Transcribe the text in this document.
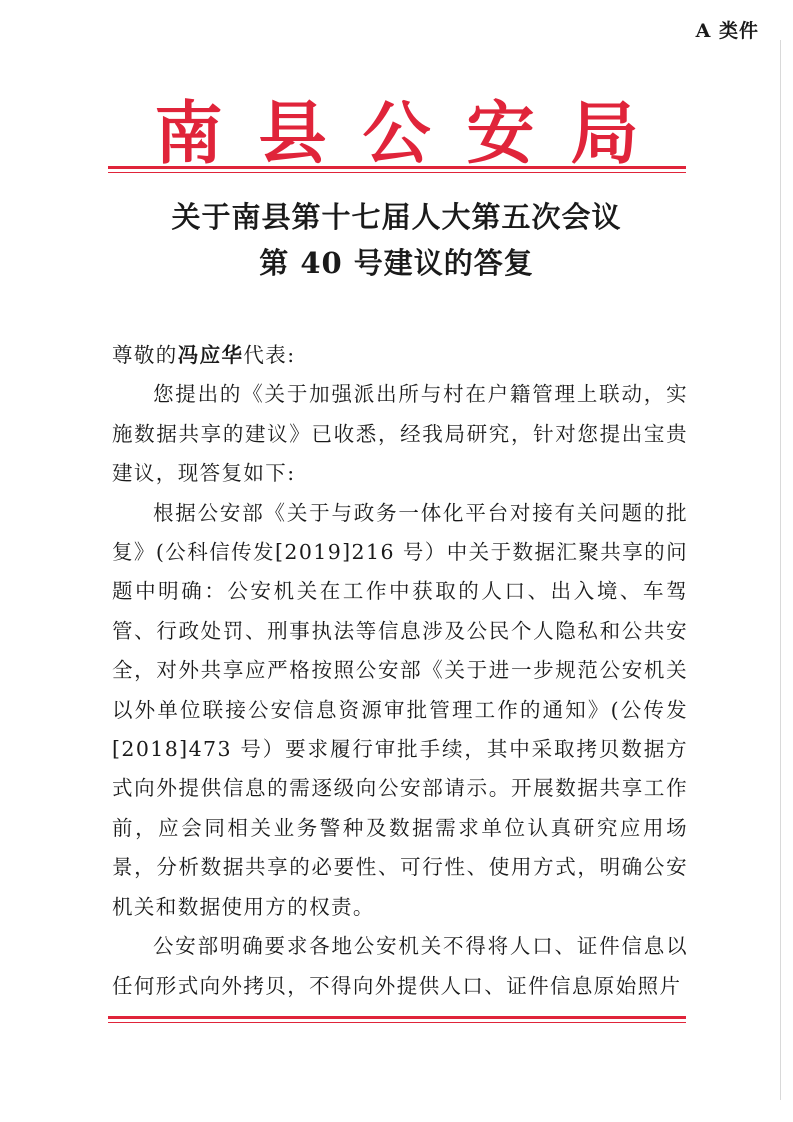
A 类件
南县公安局
关于南县第十七届人大第五次会议
第 40 号建议的答复

尊敬的冯应华代表:

您提出的《关于加强派出所与村在户籍管理上联动，实施数据共享的建议》已收悉，经我局研究，针对您提出宝贵建议，现答复如下:

根据公安部《关于与政务一体化平台对接有关问题的批复》(公科信传发[2019]216 号）中关于数据汇聚共享的问题中明确：公安机关在工作中获取的人口、出入境、车驾管、行政处罚、刑事执法等信息涉及公民个人隐私和公共安全，对外共享应严格按照公安部《关于进一步规范公安机关以外单位联接公安信息资源审批管理工作的通知》(公传发[2018]473 号）要求履行审批手续，其中采取拷贝数据方式向外提供信息的需逐级向公安部请示。开展数据共享工作前，应会同相关业务警种及数据需求单位认真研究应用场景，分析数据共享的必要性、可行性、使用方式，明确公安机关和数据使用方的权责。

公安部明确要求各地公安机关不得将人口、证件信息以任何形式向外拷贝，不得向外提供人口、证件信息原始照片
